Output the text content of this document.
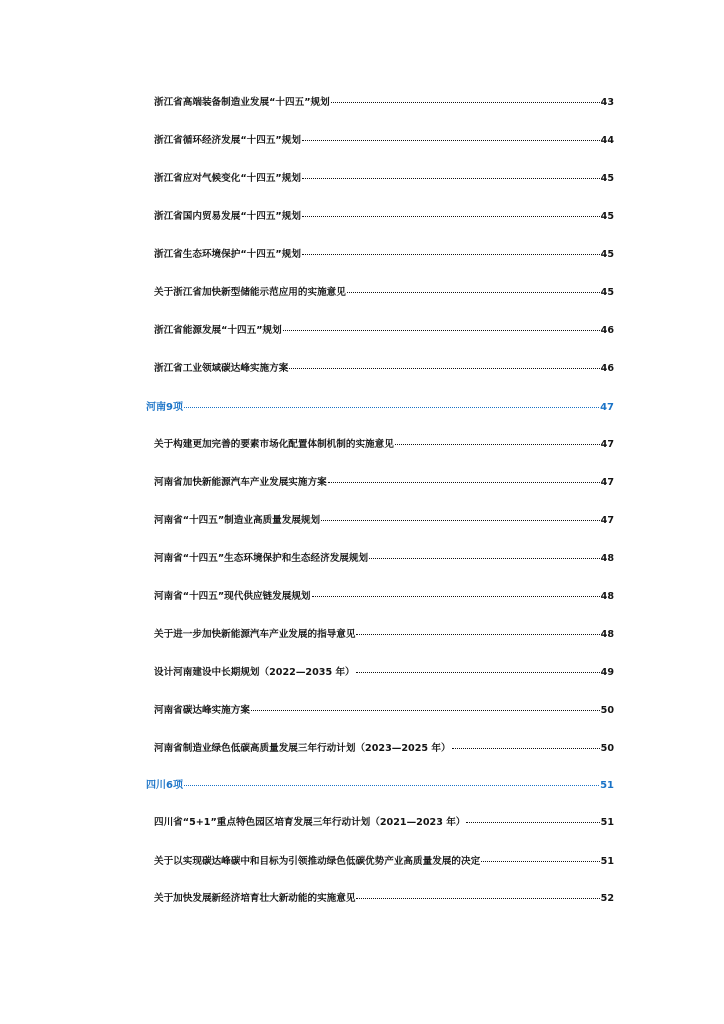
浙江省高端装备制造业发展“十四五”规划	43
浙江省循环经济发展“十四五”规划	44
浙江省应对气候变化“十四五”规划	45
浙江省国内贸易发展“十四五”规划	45
浙江省生态环境保护“十四五”规划	45
关于浙江省加快新型储能示范应用的实施意见	45
浙江省能源发展“十四五”规划	46
浙江省工业领域碳达峰实施方案	46
河南9项	47
关于构建更加完善的要素市场化配置体制机制的实施意见	47
河南省加快新能源汽车产业发展实施方案	47
河南省“十四五”制造业高质量发展规划	47
河南省“十四五”生态环境保护和生态经济发展规划	48
河南省“十四五”现代供应链发展规划	48
关于进一步加快新能源汽车产业发展的指导意见	48
设计河南建设中长期规划（2022—2035 年）	49
河南省碳达峰实施方案	50
河南省制造业绿色低碳高质量发展三年行动计划（2023—2025 年）	50
四川6项	51
四川省“5+1”重点特色园区培育发展三年行动计划（2021—2023 年）	51
关于以实现碳达峰碳中和目标为引领推动绿色低碳优势产业高质量发展的决定	51
关于加快发展新经济培育壮大新动能的实施意见	52
